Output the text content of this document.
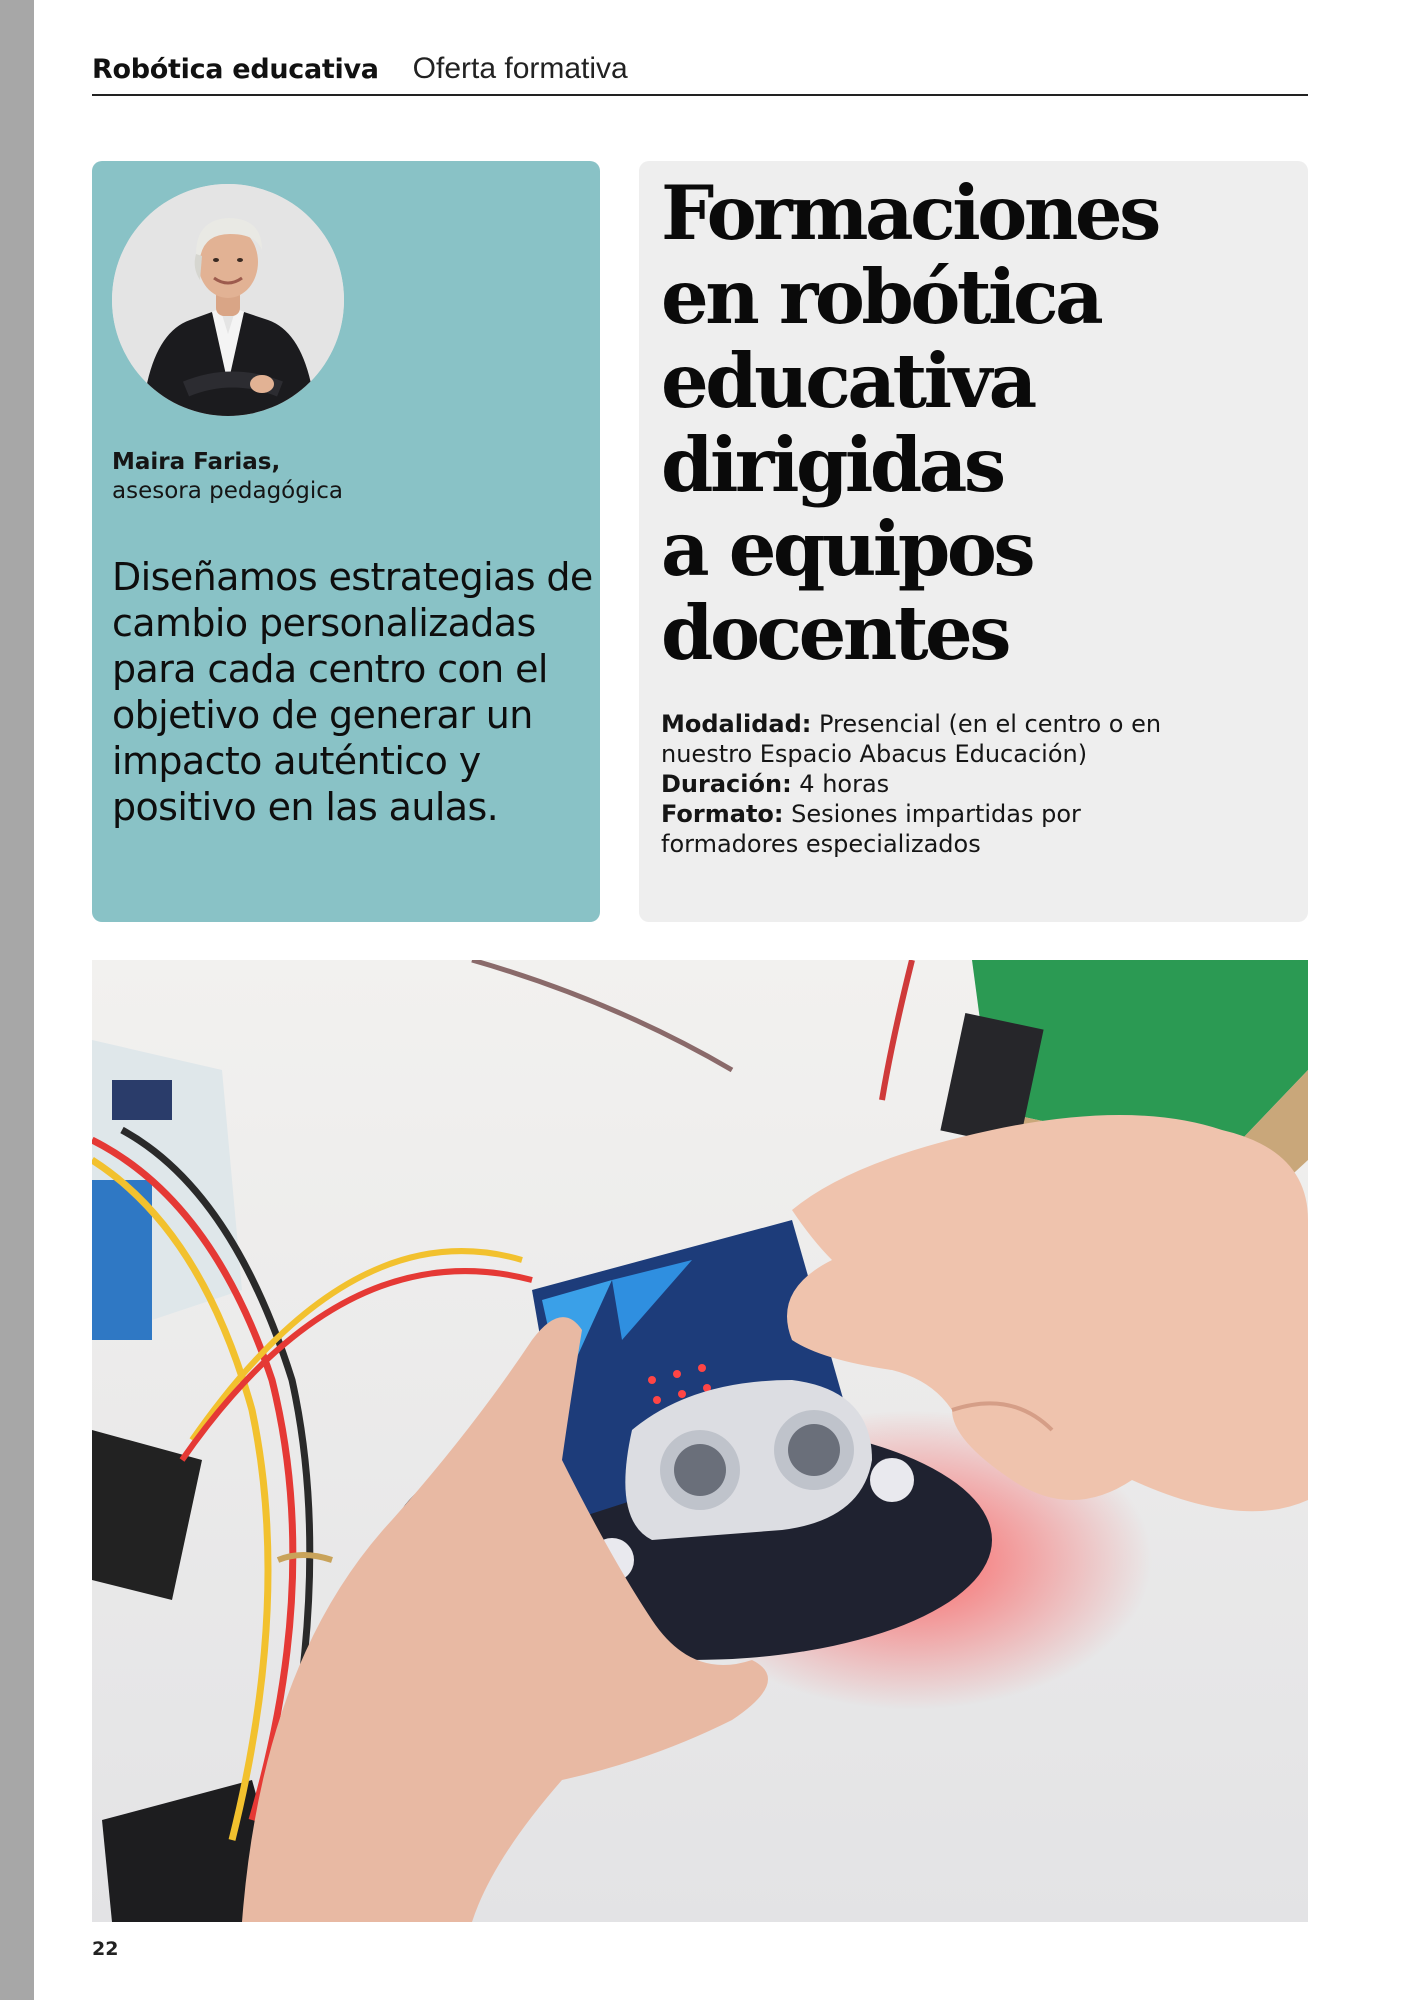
Robótica educativa Oferta formativa
Maira Farias,
asesora pedagógica
Diseñamos estrategias de cambio personalizadas para cada centro con el objetivo de generar un impacto auténtico y positivo en las aulas.
Formaciones
en robótica
educativa
dirigidas
a equipos
docentes
Modalidad: Presencial (en el centro o en nuestro Espacio Abacus Educación)
Duración: 4 horas
Formato: Sesiones impartidas por formadores especializados
22
